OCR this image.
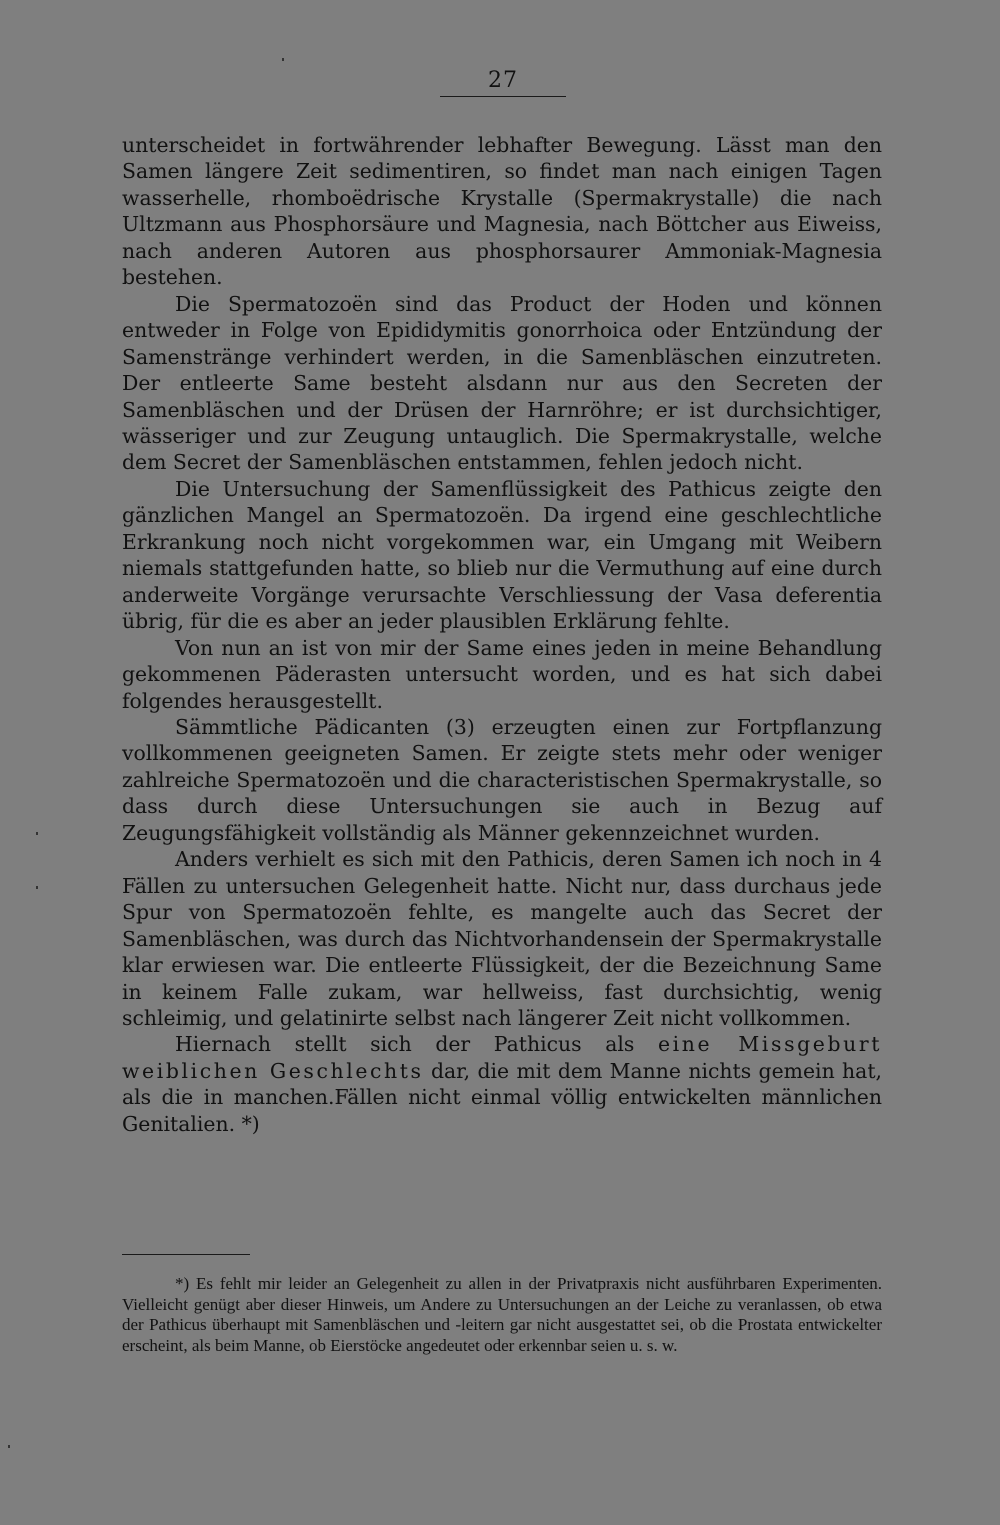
27

unterscheidet in fortwährender lebhafter Bewegung. Lässt man den Samen längere Zeit sedimentiren, so findet man nach einigen Tagen wasserhelle, rhomboëdrische Krystalle (Spermakrystalle) die nach Ultzmann aus Phosphorsäure und Magnesia, nach Böttcher aus Eiweiss, nach anderen Autoren aus phosphorsaurer Ammoniak-Magnesia bestehen.

Die Spermatozoën sind das Product der Hoden und können entweder in Folge von Epididymitis gonorrhoica oder Entzündung der Samenstränge verhindert werden, in die Samenbläschen einzutreten. Der entleerte Same besteht alsdann nur aus den Secreten der Samenbläschen und der Drüsen der Harnröhre; er ist durchsichtiger, wässeriger und zur Zeugung untauglich. Die Spermakrystalle, welche dem Secret der Samenbläschen entstammen, fehlen jedoch nicht.

Die Untersuchung der Samenflüssigkeit des Pathicus zeigte den gänzlichen Mangel an Spermatozoën. Da irgend eine geschlechtliche Erkrankung noch nicht vorgekommen war, ein Umgang mit Weibern niemals stattgefunden hatte, so blieb nur die Vermuthung auf eine durch anderweite Vorgänge verursachte Verschliessung der Vasa deferentia übrig, für die es aber an jeder plausiblen Erklärung fehlte.

Von nun an ist von mir der Same eines jeden in meine Behandlung gekommenen Päderasten untersucht worden, und es hat sich dabei folgendes herausgestellt.

Sämmtliche Pädicanten (3) erzeugten einen zur Fortpflanzung vollkommenen geeigneten Samen. Er zeigte stets mehr oder weniger zahlreiche Spermatozoën und die characteristischen Spermakrystalle, so dass durch diese Untersuchungen sie auch in Bezug auf Zeugungsfähigkeit vollständig als Männer gekennzeichnet wurden.

Anders verhielt es sich mit den Pathicis, deren Samen ich noch in 4 Fällen zu untersuchen Gelegenheit hatte. Nicht nur, dass durchaus jede Spur von Spermatozoën fehlte, es mangelte auch das Secret der Samenbläschen, was durch das Nichtvorhandensein der Spermakrystalle klar erwiesen war. Die entleerte Flüssigkeit, der die Bezeichnung Same in keinem Falle zukam, war hellweiss, fast durchsichtig, wenig schleimig, und gelatinirte selbst nach längerer Zeit nicht vollkommen.

Hiernach stellt sich der Pathicus als eine Missgeburt weiblichen Geschlechts dar, die mit dem Manne nichts gemein hat, als die in manchen.Fällen nicht einmal völlig entwickelten männlichen Genitalien. *)

*) Es fehlt mir leider an Gelegenheit zu allen in der Privatpraxis nicht ausführbaren Experimenten. Vielleicht genügt aber dieser Hinweis, um Andere zu Untersuchungen an der Leiche zu veranlassen, ob etwa der Pathicus überhaupt mit Samenbläschen und -leitern gar nicht ausgestattet sei, ob die Prostata entwickelter erscheint, als beim Manne, ob Eierstöcke angedeutet oder erkennbar seien u. s. w.
